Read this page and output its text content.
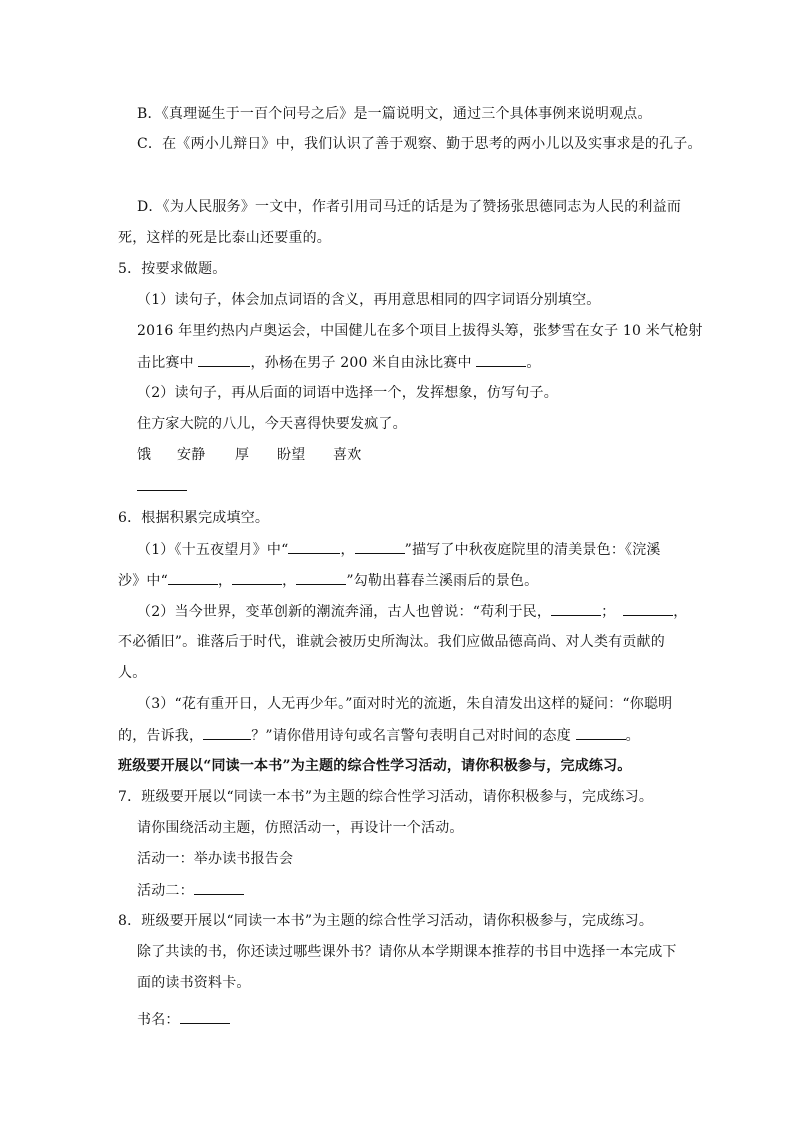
B．《真理诞生于一百个问号之后》是一篇说明文，通过三个具体事例来说明观点。
C．在《两小儿辩日》中，我们认识了善于观察、勤于思考的两小儿以及实事求是的孔子。
D．《为人民服务》一文中，作者引用司马迁的话是为了赞扬张思德同志为人民的利益而
死，这样的死是比泰山还要重的。
5．按要求做题。
（1）读句子，体会加点词语的含义，再用意思相同的四字词语分别填空。
2016 年里约热内卢奥运会，中国健儿在多个项目上拔得头筹，张梦雪在女子 10 米气枪射
击比赛中	，孙杨在男子 200 米自由泳比赛中	。
（2）读句子，再从后面的词语中选择一个，发挥想象，仿写句子。
住方家大院的八儿，今天喜得快要发疯了。
饿 安静 厚 盼望 喜欢
6．根据积累完成填空。
（1）《十五夜望月》中“	，	”描写了中秋夜庭院里的清美景色：《浣溪
沙》中“	，	，	”勾勒出暮春兰溪雨后的景色。
（2）当今世界，变革创新的潮流奔涌，古人也曾说：“苟利于民，	；	，
不必循旧”。谁落后于时代，谁就会被历史所淘汰。我们应做品德高尚、对人类有贡献的
人。
（3）“花有重开日，人无再少年。”面对时光的流逝，朱自清发出这样的疑问：“你聪明
的，告诉我，	？”请你借用诗句或名言警句表明自己对时间的态度	。
班级要开展以“同读一本书”为主题的综合性学习活动，请你积极参与，完成练习。
7．班级要开展以“同读一本书”为主题的综合性学习活动，请你积极参与，完成练习。
请你围绕活动主题，仿照活动一，再设计一个活动。
活动一：举办读书报告会
活动二：
8．班级要开展以“同读一本书”为主题的综合性学习活动，请你积极参与，完成练习。
除了共读的书，你还读过哪些课外书？请你从本学期课本推荐的书目中选择一本完成下
面的读书资料卡。
书名：
